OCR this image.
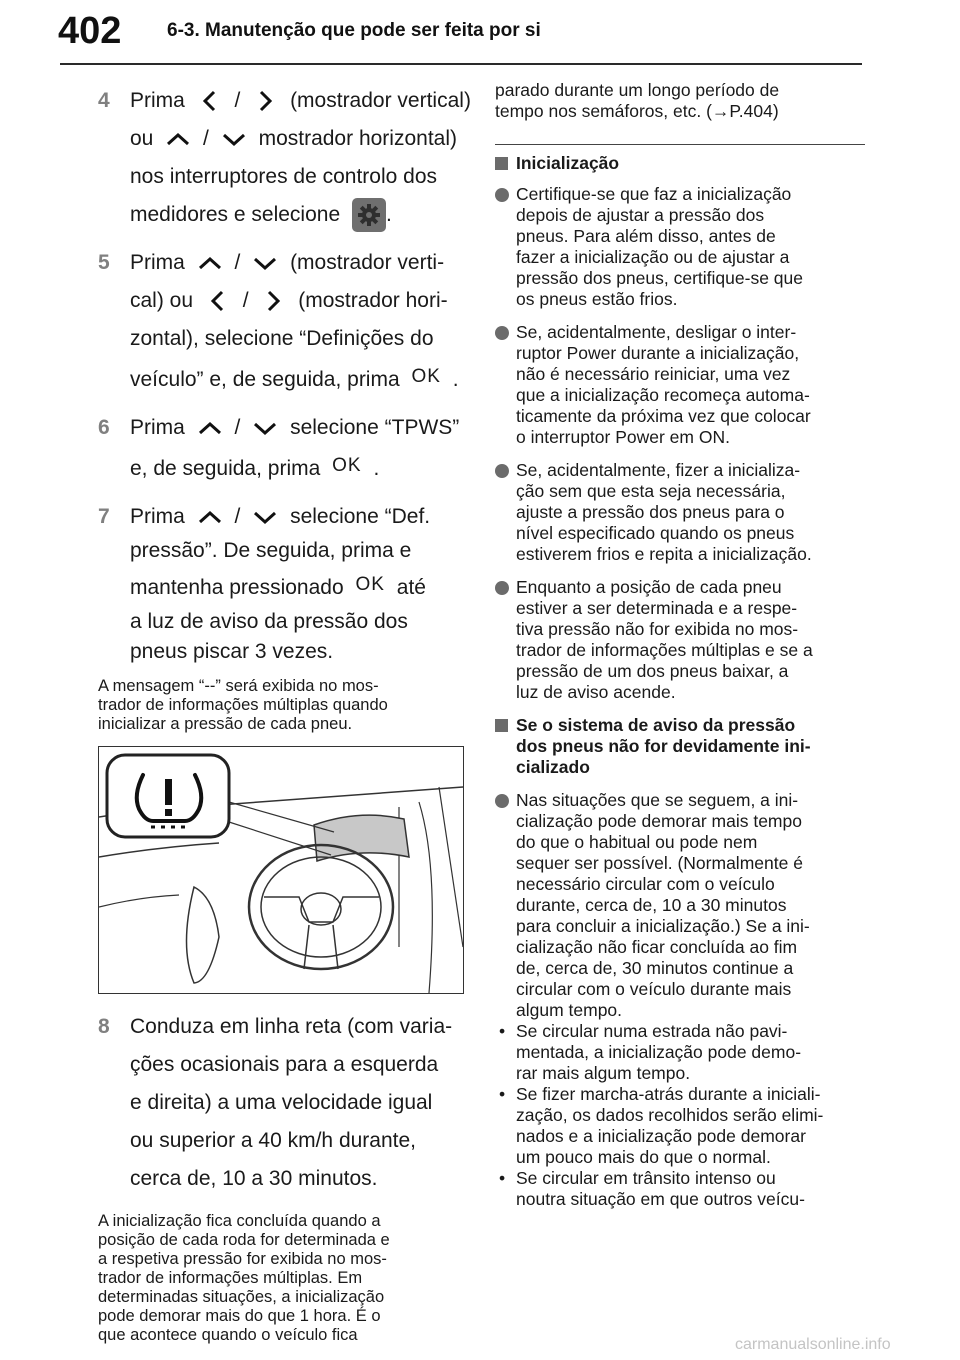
402 6-3. Manutenção que pode ser feita por si
4 Prima / (mostrador vertical)
ou / mostrador horizontal)
nos interruptores de controlo dos
medidores e selecione .
5 Prima / (mostrador verti-
cal) ou / (mostrador hori-
zontal), selecione “Definições do
veículo” e, de seguida, prima OK .
6 Prima / selecione “TPWS”
e, de seguida, prima OK .
7 Prima / selecione “Def.
pressão”. De seguida, prima e
mantenha pressionado OK até
a luz de aviso da pressão dos
pneus piscar 3 vezes.
A mensagem “--” será exibida no mos-
trador de informações múltiplas quando
inicializar a pressão de cada pneu.
8 Conduza em linha reta (com varia-
ções ocasionais para a esquerda
e direita) a uma velocidade igual
ou superior a 40 km/h durante,
cerca de, 10 a 30 minutos.
A inicialização fica concluída quando a
posição de cada roda for determinada e
a respetiva pressão for exibida no mos-
trador de informações múltiplas. Em
determinadas situações, a inicialização
pode demorar mais do que 1 hora. É o
que acontece quando o veículo fica
parado durante um longo período de
tempo nos semáforos, etc. (→P.404)
Inicialização
Certifique-se que faz a inicialização
depois de ajustar a pressão dos
pneus. Para além disso, antes de
fazer a inicialização ou de ajustar a
pressão dos pneus, certifique-se que
os pneus estão frios.
Se, acidentalmente, desligar o inter-
ruptor Power durante a inicialização,
não é necessário reiniciar, uma vez
que a inicialização recomeça automa-
ticamente da próxima vez que colocar
o interruptor Power em ON.
Se, acidentalmente, fizer a inicializa-
ção sem que esta seja necessária,
ajuste a pressão dos pneus para o
nível especificado quando os pneus
estiverem frios e repita a inicialização.
Enquanto a posição de cada pneu
estiver a ser determinada e a respe-
tiva pressão não for exibida no mos-
trador de informações múltiplas e se a
pressão de um dos pneus baixar, a
luz de aviso acende.
Se o sistema de aviso da pressão
dos pneus não for devidamente ini-
cializado
Nas situações que se seguem, a ini-
cialização pode demorar mais tempo
do que o habitual ou pode nem
sequer ser possível. (Normalmente é
necessário circular com o veículo
durante, cerca de, 10 a 30 minutos
para concluir a inicialização.) Se a ini-
cialização não ficar concluída ao fim
de, cerca de, 30 minutos continue a
circular com o veículo durante mais
algum tempo.
• Se circular numa estrada não pavi-
mentada, a inicialização pode demo-
rar mais algum tempo.
• Se fizer marcha-atrás durante a iniciali-
zação, os dados recolhidos serão elimi-
nados e a inicialização pode demorar
um pouco mais do que o normal.
• Se circular em trânsito intenso ou
noutra situação em que outros veícu-
carmanualsonline.info
